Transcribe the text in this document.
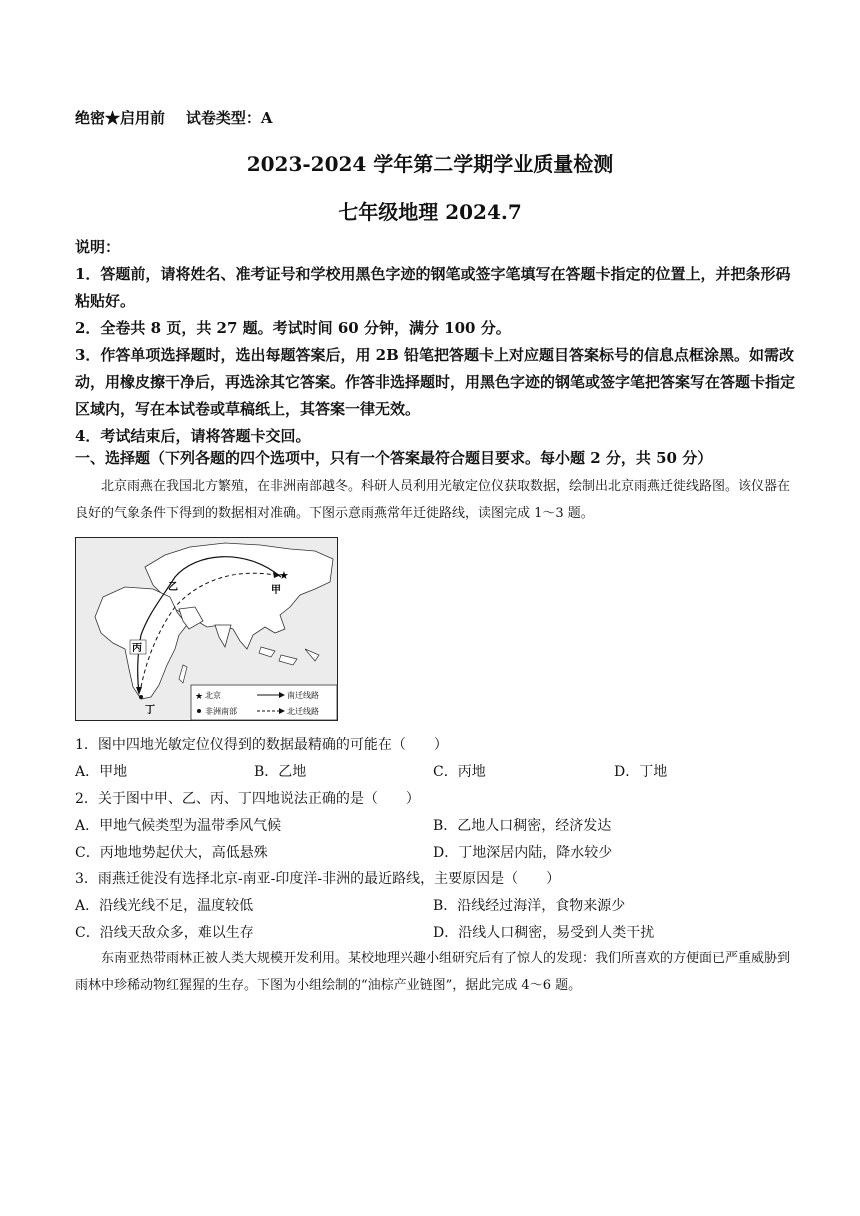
绝密★启用前    试卷类型：A
2023-2024 学年第二学期学业质量检测
七年级地理 2024.7

说明：

1．答题前，请将姓名、准考证号和学校用黑色字迹的钢笔或签字笔填写在答题卡指定的位置上，并把条形码粘贴好。

2．全卷共 8 页，共 27 题。考试时间 60 分钟，满分 100 分。

3．作答单项选择题时，选出每题答案后，用 2B 铅笔把答题卡上对应题目答案标号的信息点框涂黑。如需改动，用橡皮擦干净后，再选涂其它答案。作答非选择题时，用黑色字迹的钢笔或签字笔把答案写在答题卡指定区域内，写在本试卷或草稿纸上，其答案一律无效。

4．考试结束后，请将答题卡交回。

一、选择题（下列各题的四个选项中，只有一个答案最符合题目要求。每小题 2 分，共 50 分）
北京雨燕在我国北方繁殖，在非洲南部越冬。科研人员利用光敏定位仪获取数据，绘制出北京雨燕迁徙线路图。该仪器在良好的气象条件下得到的数据相对准确。下图示意雨燕常年迁徙路线，读图完成 1～3 题。
★
甲
乙
丙
丁
★ 北京
非洲南部
南迁线路
北迁线路
1．图中四地光敏定位仪得到的数据最精确的可能在（　　）
A．甲地	B．乙地	C．丙地	D．丁地
2．关于图中甲、乙、丙、丁四地说法正确的是（　　）
A．甲地气候类型为温带季风气候	B．乙地人口稠密，经济发达
C．丙地地势起伏大，高低悬殊	D．丁地深居内陆，降水较少
3．雨燕迁徙没有选择北京-南亚-印度洋-非洲的最近路线，主要原因是（　　）
A．沿线光线不足，温度较低	B．沿线经过海洋，食物来源少
C．沿线天敌众多，难以生存	D．沿线人口稠密，易受到人类干扰
东南亚热带雨林正被人类大规模开发利用。某校地理兴趣小组研究后有了惊人的发现：我们所喜欢的方便面已严重威胁到雨林中珍稀动物红猩猩的生存。下图为小组绘制的“油棕产业链图”，据此完成 4～6 题。
